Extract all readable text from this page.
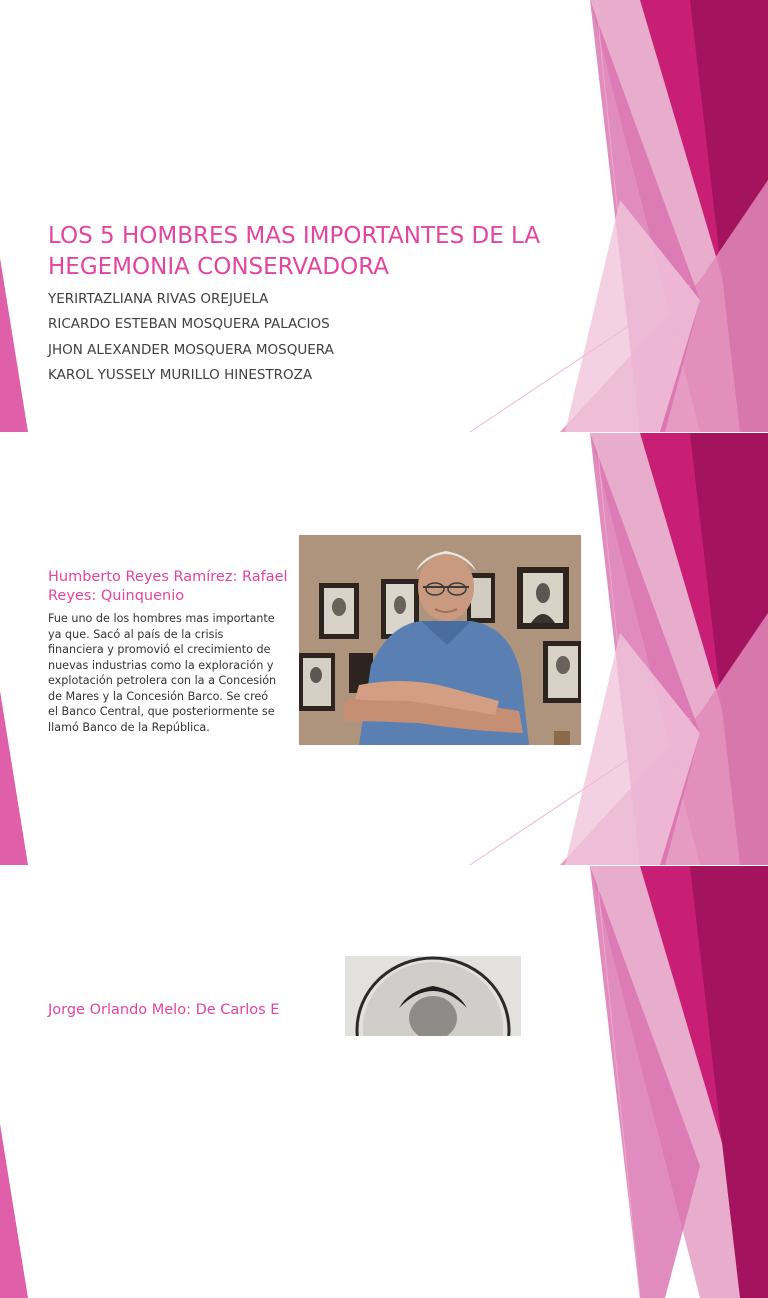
LOS 5 HOMBRES MAS IMPORTANTES DE LA HEGEMONIA CONSERVADORA
YERIRTAZLIANA RIVAS OREJUELA
RICARDO ESTEBAN MOSQUERA PALACIOS
JHON ALEXANDER MOSQUERA MOSQUERA
KAROL YUSSELY MURILLO HINESTROZA
Humberto Reyes Ramírez: Rafael Reyes: Quinquenio

Fue uno de los hombres mas importante ya que. Sacó al país de la crisis financiera y promovió el crecimiento de nuevas industrias como la exploración y explotación petrolera con la a Concesión de Mares y la Concesión Barco. Se creó el Banco Central, que posteriormente se llamó Banco de la República.

Jorge Orlando Melo: De Carlos E
